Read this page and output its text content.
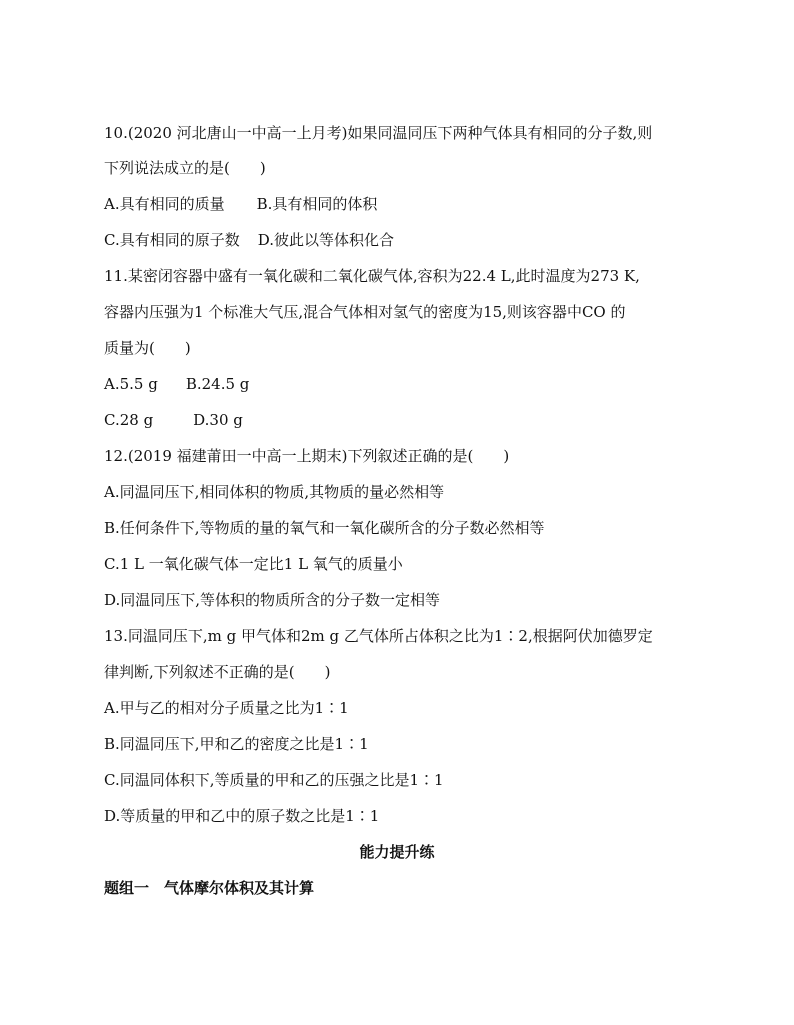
10.(2020 河北唐山一中高一上月考)如果同温同压下两种气体具有相同的分子数,则
下列说法成立的是(　　)
A.具有相同的质量 B.具有相同的体积
C.具有相同的原子数 D.彼此以等体积化合
11.某密闭容器中盛有一氧化碳和二氧化碳气体,容积为22.4 L,此时温度为273 K,
容器内压强为1 个标准大气压,混合气体相对氢气的密度为15,则该容器中CO 的
质量为(　　)
A.5.5 g B.24.5 g
C.28 g	D.30 g
12.(2019 福建莆田一中高一上期末)下列叙述正确的是(　　)
A.同温同压下,相同体积的物质,其物质的量必然相等
B.任何条件下,等物质的量的氧气和一氧化碳所含的分子数必然相等
C.1 L 一氧化碳气体一定比1 L 氧气的质量小
D.同温同压下,等体积的物质所含的分子数一定相等
13.同温同压下,m g 甲气体和2m g 乙气体所占体积之比为1∶2,根据阿伏加德罗定
律判断,下列叙述不正确的是(　　)
A.甲与乙的相对分子质量之比为1∶1
B.同温同压下,甲和乙的密度之比是1∶1
C.同温同体积下,等质量的甲和乙的压强之比是1∶1
D.等质量的甲和乙中的原子数之比是1∶1
能力提升练
题组一　气体摩尔体积及其计算
